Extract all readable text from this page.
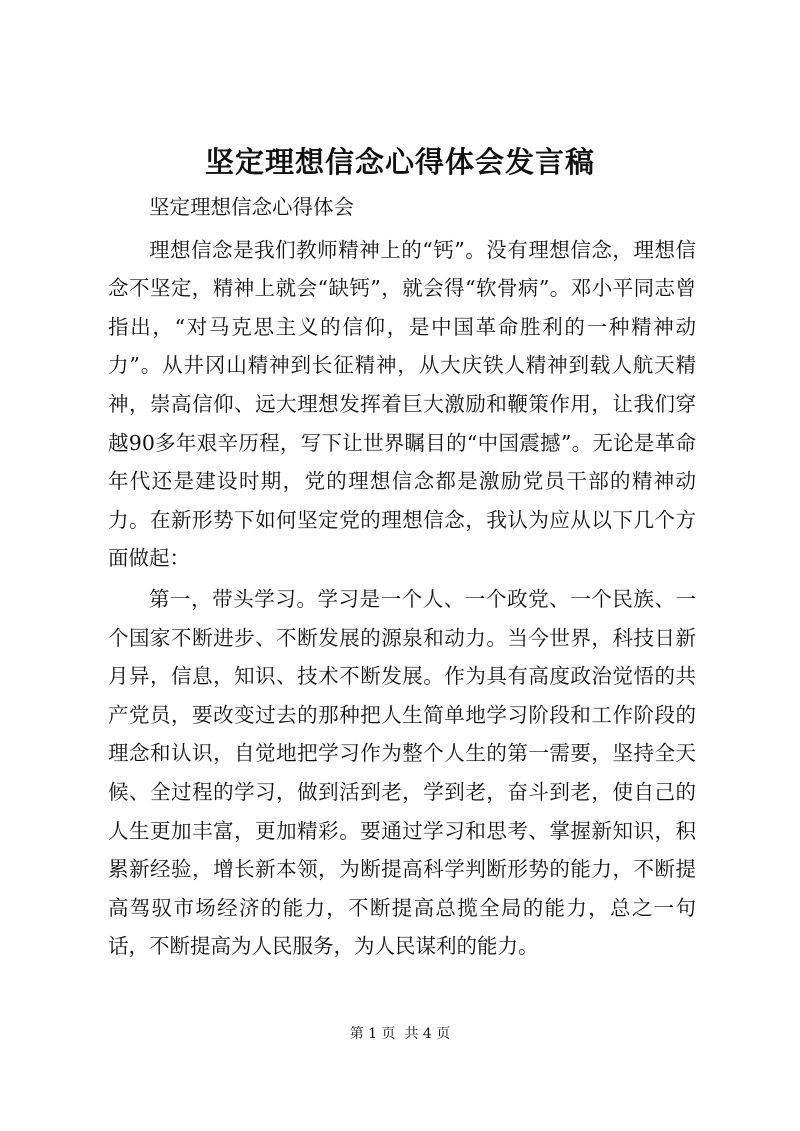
坚定理想信念心得体会发言稿

坚定理想信念心得体会

理想信念是我们教师精神上的“钙”。没有理想信念，理想信念不坚定，精神上就会“缺钙”，就会得“软骨病”。邓小平同志曾指出，“对马克思主义的信仰，是中国革命胜利的一种精神动力”。从井冈山精神到长征精神，从大庆铁人精神到载人航天精神，崇高信仰、远大理想发挥着巨大激励和鞭策作用，让我们穿越90多年艰辛历程，写下让世界瞩目的“中国震撼”。无论是革命年代还是建设时期，党的理想信念都是激励党员干部的精神动力。在新形势下如何坚定党的理想信念，我认为应从以下几个方面做起：

第一，带头学习。学习是一个人、一个政党、一个民族、一个国家不断进步、不断发展的源泉和动力。当今世界，科技日新月异，信息，知识、技术不断发展。作为具有高度政治觉悟的共产党员，要改变过去的那种把人生简单地学习阶段和工作阶段的理念和认识，自觉地把学习作为整个人生的第一需要，坚持全天候、全过程的学习，做到活到老，学到老，奋斗到老，使自己的人生更加丰富，更加精彩。要通过学习和思考、掌握新知识，积累新经验，增长新本领，为断提高科学判断形势的能力，不断提高驾驭市场经济的能力，不断提高总揽全局的能力，总之一句话，不断提高为人民服务，为人民谋利的能力。

第 1 页  共 4 页
